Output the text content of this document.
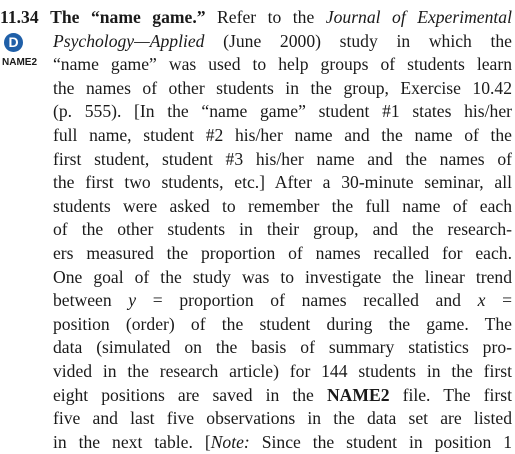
D
NAME2
11.34 The “name game.” Refer to the Journal of Experimental
Psychology—Applied (June 2000) study in which the
“name game” was used to help groups of students learn
the names of other students in the group, Exercise 10.42
(p. 555). [In the “name game” student #1 states his/her
full name, student #2 his/her name and the name of the
first student, student #3 his/her name and the names of
the first two students, etc.] After a 30-minute seminar, all
students were asked to remember the full name of each
of the other students in their group, and the research-
ers measured the proportion of names recalled for each.
One goal of the study was to investigate the linear trend
between y = proportion of names recalled and x =
position (order) of the student during the game. The
data (simulated on the basis of summary statistics pro-
vided in the research article) for 144 students in the first
eight positions are saved in the NAME2 file. The first
five and last five observations in the data set are listed
in the next table. [Note: Since the student in position 1
